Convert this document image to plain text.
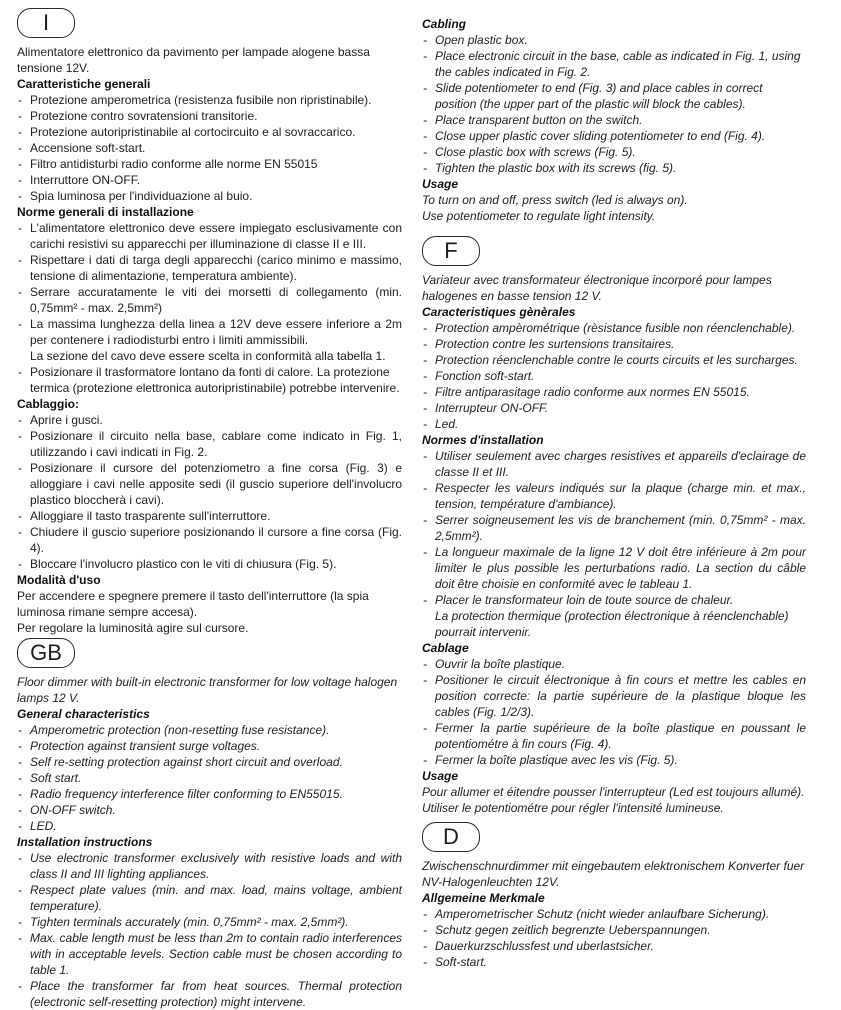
I

Alimentatore elettronico da pavimento per lampade alogene bassa tensione 12V.

Caratteristiche generali

- Protezione amperometrica (resistenza fusibile non ripristinabile).
- Protezione contro sovratensioni transitorie.
- Protezione autoripristinabile al cortocircuito e al sovraccarico.
- Accensione soft-start.
- Filtro antidisturbi radio conforme alle norme EN 55015
- Interruttore ON-OFF.
- Spia luminosa per l'individuazione al buio.

Norme generali di installazione

- L'alimentatore elettronico deve essere impiegato esclusivamente con carichi resistivi su apparecchi per illuminazione di classe II e III.
- Rispettare i dati di targa degli apparecchi (carico minimo e massimo, tensione di alimentazione, temperatura ambiente).
- Serrare accuratamente le viti dei morsetti di collegamento (min. 0,75mm² - max. 2,5mm²)
- La massima lunghezza della linea a 12V deve essere inferiore a 2m per contenere i radiodisturbi entro i limiti ammissibili.

La sezione del cavo deve essere scelta in conformità alla tabella 1.

- Posizionare il trasformatore lontano da fonti di calore. La protezione termica (protezione elettronica autoripristinabile) potrebbe intervenire.

Cablaggio:

- Aprire i gusci.
- Posizionare il circuito nella base, cablare come indicato in Fig. 1, utilizzando i cavi indicati in Fig. 2.
- Posizionare il cursore del potenziometro a fine corsa (Fig. 3) e alloggiare i cavi nelle apposite sedi (il guscio superiore dell'involucro plastico bloccherà i cavi).
- Alloggiare il tasto trasparente sull'interruttore.
- Chiudere il guscio superiore posizionando il cursore a fine corsa (Fig. 4).
- Bloccare l'involucro plastico con le viti di chiusura (Fig. 5).

Modalità d'uso

Per accendere e spegnere premere il tasto dell'interruttore (la spia luminosa rimane sempre accesa).

Per regolare la luminosità agire sul cursore.

GB

Floor dimmer with built-in electronic transformer for low voltage halogen lamps 12 V.

General characteristics

- Amperometric protection (non-resetting fuse resistance).
- Protection against transient surge voltages.
- Self re-setting protection against short circuit and overload.
- Soft start.
- Radio frequency interference filter conforming to EN55015.
- ON-OFF switch.
- LED.

Installation instructions

- Use electronic transformer exclusively with resistive loads and with class II and III lighting appliances.
- Respect plate values (min. and max. load, mains voltage, ambient temperature).
- Tighten terminals accurately (min. 0,75mm² - max. 2,5mm²).
- Max. cable length must be less than 2m to contain radio interferences with in acceptable levels. Section cable must be chosen according to table 1.
- Place the transformer far from heat sources. Thermal protection (electronic self-resetting protection) might intervene.

Cabling

- Open plastic box.
- Place electronic circuit in the base, cable as indicated in Fig. 1, using the cables indicated in Fig. 2.
- Slide potentiometer to end (Fig. 3) and place cables in correct position (the upper part of the plastic will block the cables).
- Place transparent button on the switch.
- Close upper plastic cover sliding potentiometer to end (Fig. 4).
- Close plastic box with screws (Fig. 5).
- Tighten the plastic box with its screws (fig. 5).

Usage

To turn on and off, press switch (led is always on).

Use potentiometer to regulate light intensity.

F

Variateur avec transformateur électronique incorporé pour lampes halogenes en basse tension 12 V.

Caracteristiques gènèrales

- Protection ampèrométrique (rèsistance fusible non réenclenchable).
- Protection contre les surtensions transitaires.
- Protection réenclenchable contre le courts circuits et les surcharges.
- Fonction soft-start.
- Filtre antiparasitage radio conforme aux normes EN 55015.
- Interrupteur ON-OFF.
- Led.

Normes d'installation

- Utiliser seulement avec charges resistives et appareils d'eclairage de classe II et III.
- Respecter les valeurs indiqués sur la plaque (charge min. et max., tension, température d'ambiance).
- Serrer soigneusement les vis de branchement (min. 0,75mm² - max. 2,5mm²).
- La longueur maximale de la ligne 12 V doit être inférieure à 2m pour limiter le plus possible les perturbations radio. La section du câble doit être choisie en conformité avec le tableau 1.
- Placer le transformateur loin de toute source de chaleur.

La protection thermique (protection électronique à réenclenchable) pourrait intervenir.

Cablage

- Ouvrir la boîte plastique.
- Positioner le circuit électronique à fin cours et mettre les cables en position correcte: la partie supérieure de la plastique bloque les cables (Fig. 1/2/3).
- Fermer la partie supérieure de la boîte plastique en poussant le potentiométre à fin cours (Fig. 4).
- Fermer la boîte plastique avec les vis (Fig. 5).

Usage

Pour allumer et éitendre pousser l'interrupteur (Led est toujours allumé).

Utiliser le potentiométre pour régler l'intensité lumineuse.

D

Zwischenschnurdimmer mit eingebautem elektronischem Konverter fuer NV-Halogenleuchten 12V.

Allgemeine Merkmale

- Amperometrischer Schutz (nicht wieder anlaufbare Sicherung).
- Schutz gegen zeitlich begrenzte Ueberspannungen.
- Dauerkurzschlussfest und uberlastsicher.
- Soft-start.
